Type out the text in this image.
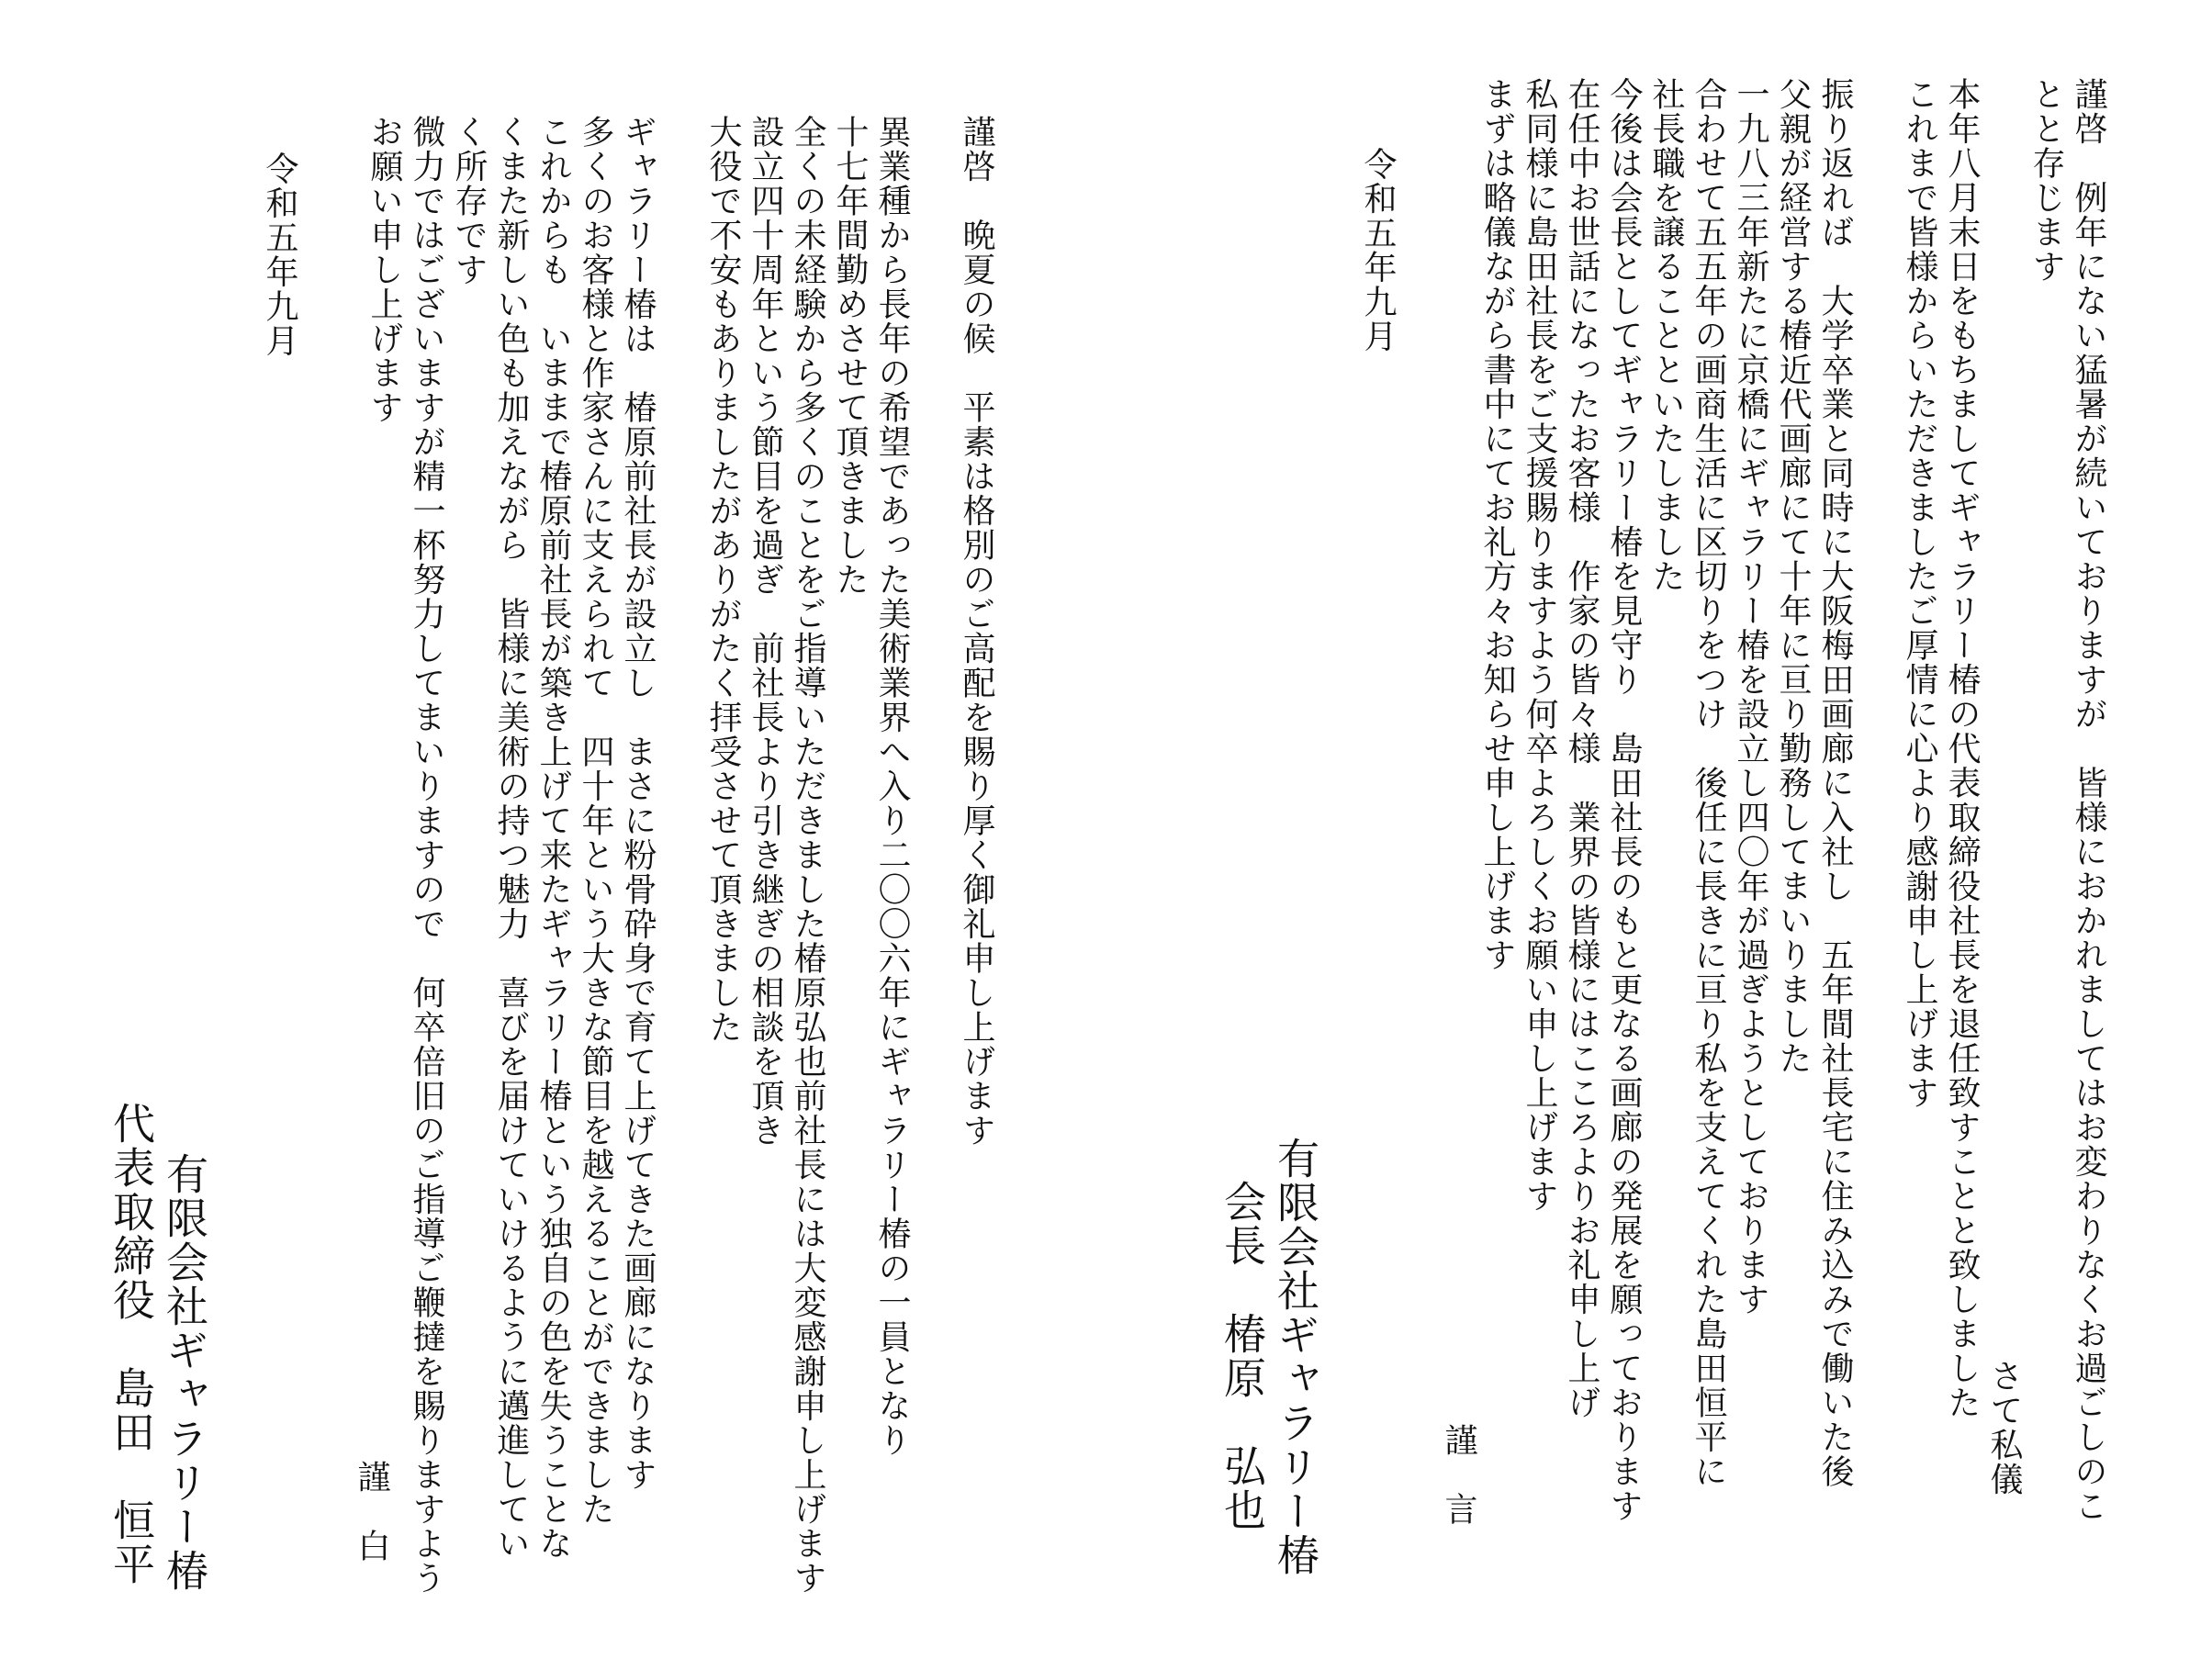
謹啓　例年にない猛暑が続いておりますが　皆様におかれましてはお変わりなくお過ごしのこ

とと存じます

本年八月末日をもちましてギャラリー椿の代表取締役社長を退任致すことと致しました

これまで皆様からいただきましたご厚情に心より感謝申し上げます

さて私儀

振り返れば　大学卒業と同時に大阪梅田画廊に入社し　五年間社長宅に住み込みで働いた後

父親が経営する椿近代画廊にて十年に亘り勤務してまいりました

一九八三年新たに京橋にギャラリー椿を設立し四〇年が過ぎようとしております

合わせて五五年の画商生活に区切りをつけ　後任に長きに亘り私を支えてくれた島田恒平に

社長職を譲ることといたしました

今後は会長としてギャラリー椿を見守り　島田社長のもと更なる画廊の発展を願っております

在任中お世話になったお客様　作家の皆々様　業界の皆様にはこころよりお礼申し上げ

私同様に島田社長をご支援賜りますよう何卒よろしくお願い申し上げます

まずは略儀ながら書中にてお礼方々お知らせ申し上げます

謹　言

令和五年九月

有限会社ギャラリー椿

会長　椿原　弘也

謹啓　晩夏の候　平素は格別のご高配を賜り厚く御礼申し上げます

異業種から長年の希望であった美術業界へ入り二〇〇六年にギャラリー椿の一員となり

十七年間勤めさせて頂きました

全くの未経験から多くのことをご指導いただきました椿原弘也前社長には大変感謝申し上げます

設立四十周年という節目を過ぎ　前社長より引き継ぎの相談を頂き

大役で不安もありましたがありがたく拝受させて頂きました

ギャラリー椿は　椿原前社長が設立し　まさに粉骨砕身で育て上げてきた画廊になります

多くのお客様と作家さんに支えられて　四十年という大きな節目を越えることができました

これからも　いままで椿原前社長が築き上げて来たギャラリー椿という独自の色を失うことな

くまた新しい色も加えながら　皆様に美術の持つ魅力　喜びを届けていけるように邁進してい

く所存です

微力ではございますが精一杯努力してまいりますので　何卒倍旧のご指導ご鞭撻を賜りますよう

お願い申し上げます

謹　白

令和五年九月

有限会社ギャラリー椿

代表取締役　島田　恒平
